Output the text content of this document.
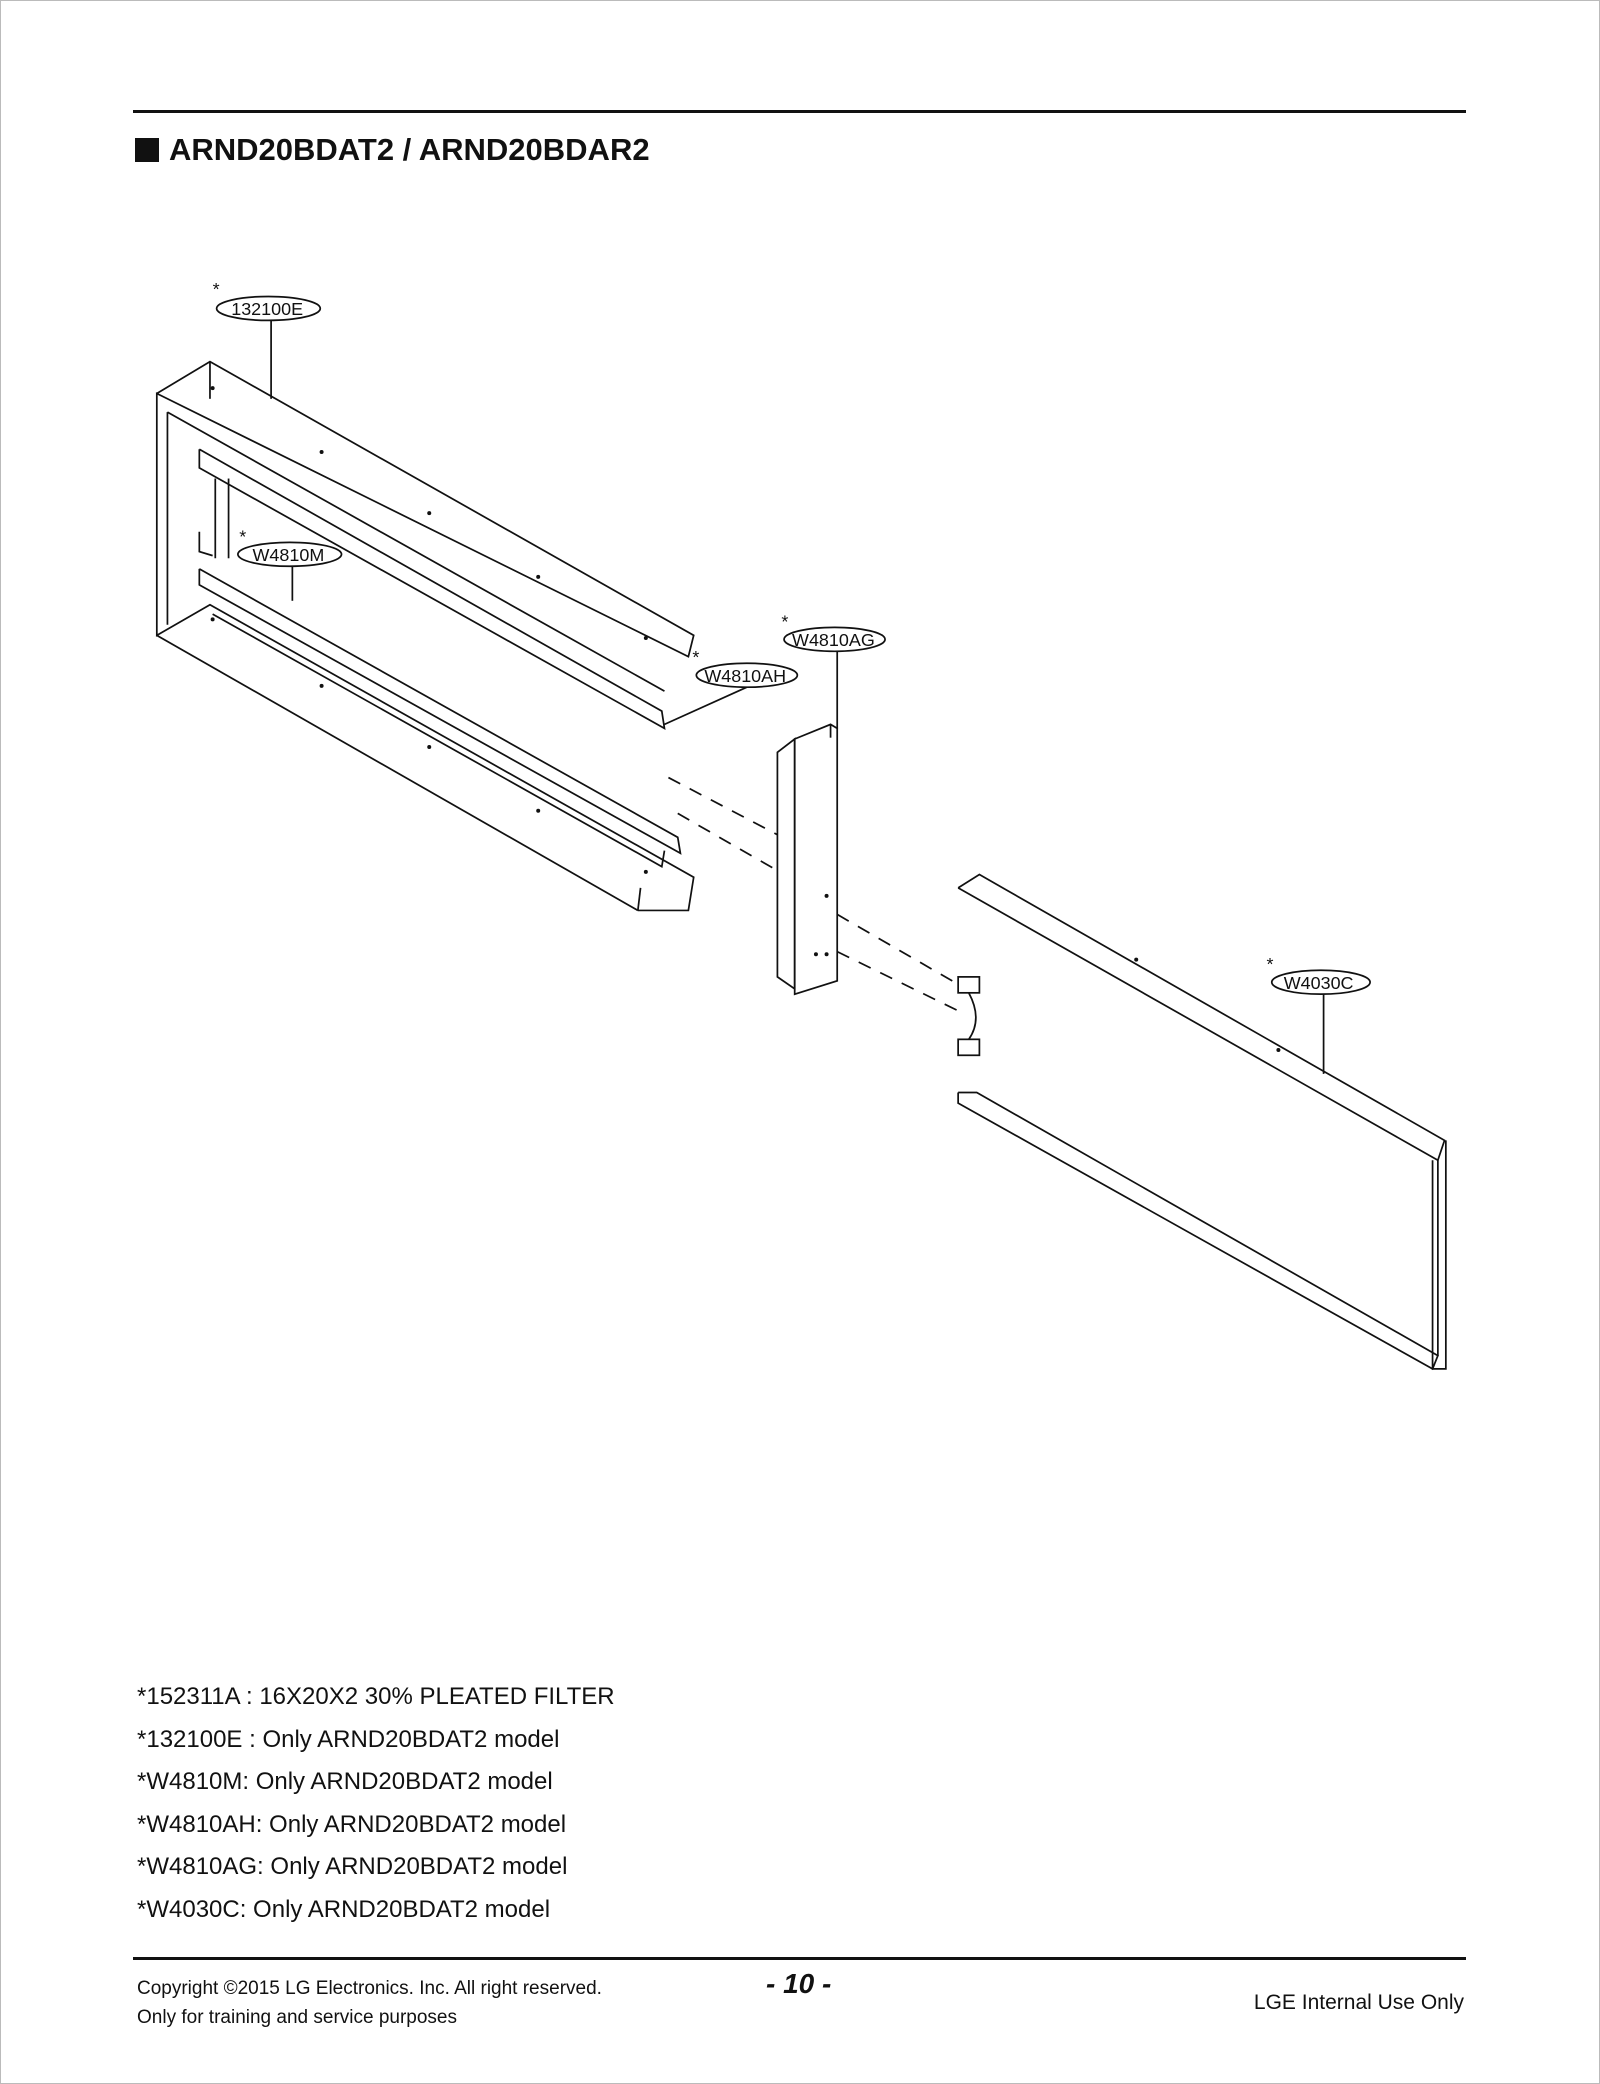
ARND20BDAT2 / ARND20BDAR2
*
132100E
*
W4810M
*
W4810AG
*
W4810AH
*
W4030C
*152311A : 16X20X2 30% PLEATED FILTER
*132100E : Only ARND20BDAT2 model
*W4810M: Only ARND20BDAT2 model
*W4810AH: Only ARND20BDAT2 model
*W4810AG: Only ARND20BDAT2 model
*W4030C: Only ARND20BDAT2 model
Copyright ©2015 LG Electronics. Inc. All right reserved.
Only for training and service purposes
- 10 -
LGE Internal Use Only
